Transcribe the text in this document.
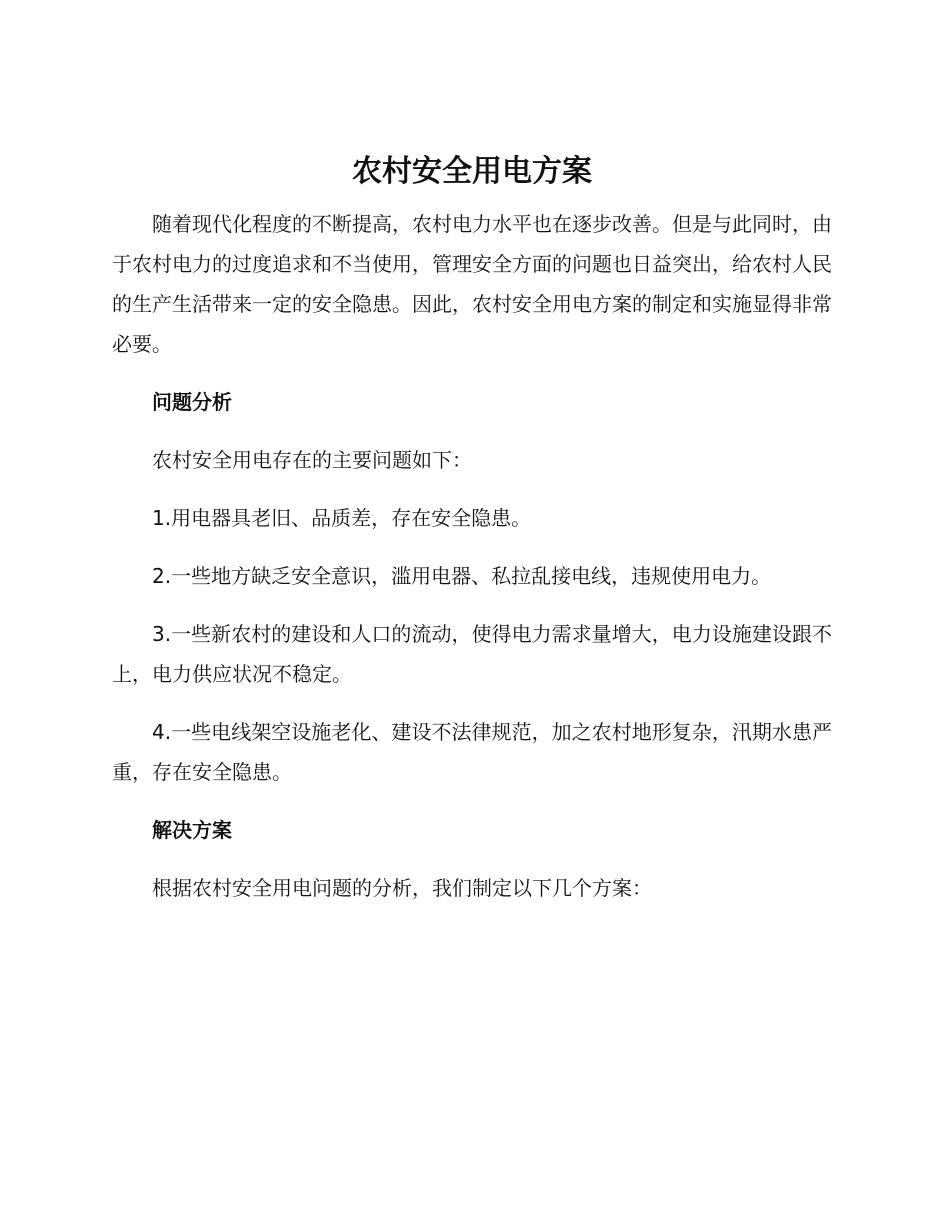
农村安全用电方案

随着现代化程度的不断提高，农村电力水平也在逐步改善。但是与此同时，由于农村电力的过度追求和不当使用，管理安全方面的问题也日益突出，给农村人民的生产生活带来一定的安全隐患。因此，农村安全用电方案的制定和实施显得非常必要。

问题分析

农村安全用电存在的主要问题如下：

1.用电器具老旧、品质差，存在安全隐患。

2.一些地方缺乏安全意识，滥用电器、私拉乱接电线，违规使用电力。

3.一些新农村的建设和人口的流动，使得电力需求量增大，电力设施建设跟不上，电力供应状况不稳定。

4.一些电线架空设施老化、建设不法律规范，加之农村地形复杂，汛期水患严重，存在安全隐患。

解决方案

根据农村安全用电问题的分析，我们制定以下几个方案：
